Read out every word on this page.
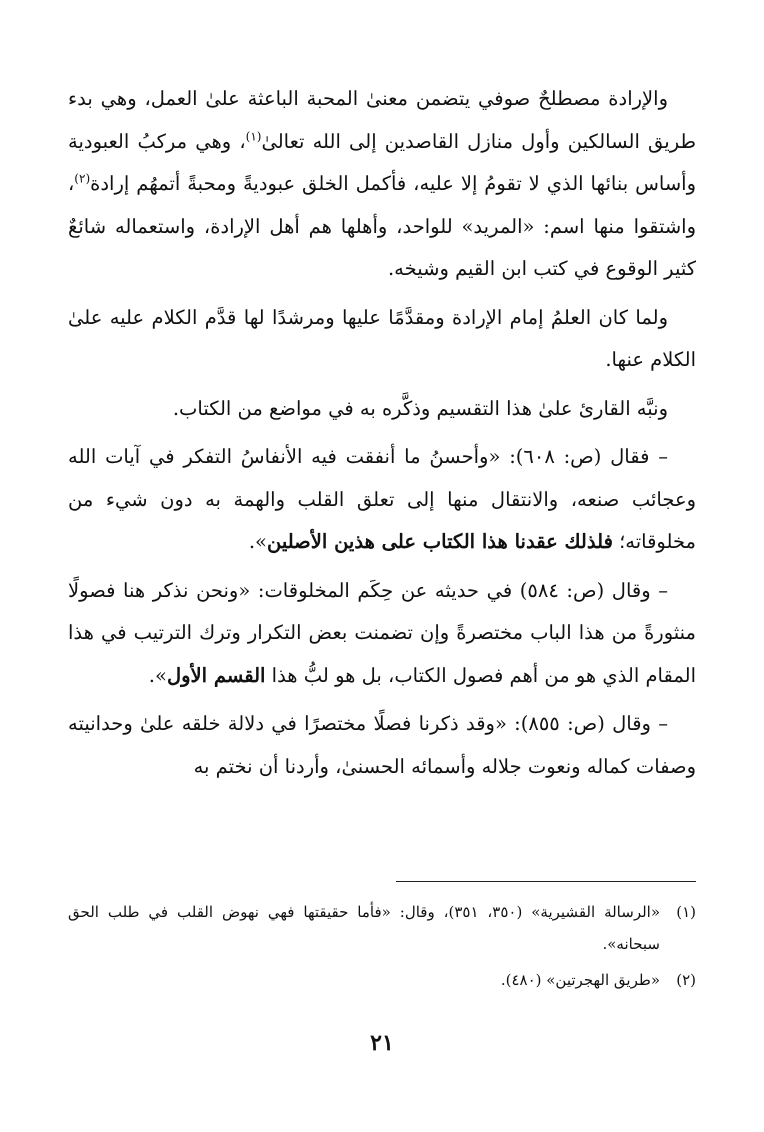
والإرادة مصطلحٌ صوفي يتضمن معنىٰ المحبة الباعثة علىٰ العمل، وهي بدء طريق السالكين وأول منازل القاصدين إلى الله تعالىٰ$^{(١)}$، وهي مركبُ العبودية وأساس بنائها الذي لا تقومُ إلا عليه، فأكمل الخلق عبوديةً ومحبةً أتمهُم إرادة$^{(٢)}$، واشتقوا منها اسم: «المريد» للواحد، وأهلها هم أهل الإرادة، واستعماله شائعٌ كثير الوقوع في كتب ابن القيم وشيخه.

ولما كان العلمُ إمام الإرادة ومقدَّمًا عليها ومرشدًا لها قدَّم الكلام عليه علىٰ الكلام عنها.

ونبَّه القارئ علىٰ هذا التقسيم وذكَّره به في مواضع من الكتاب.

– فقال (ص: ٦٠٨): «وأحسنُ ما أنفقت فيه الأنفاسُ التفكر في آيات الله وعجائب صنعه، والانتقال منها إلى تعلق القلب والهمة به دون شيء من مخلوقاته؛ فلذلك عقدنا هذا الكتاب على هذين الأصلين».

– وقال (ص: ٥٨٤) في حديثه عن حِكَم المخلوقات: «ونحن نذكر هنا فصولًا منثورةً من هذا الباب مختصرةً وإن تضمنت بعض التكرار وترك الترتيب في هذا المقام الذي هو من أهم فصول الكتاب، بل هو لبُّ هذا القسم الأول».

– وقال (ص: ٨٥٥): «وقد ذكرنا فصلًا مختصرًا في دلالة خلقه علىٰ وحدانيته وصفات كماله ونعوت جلاله وأسمائه الحسنىٰ، وأردنا أن نختم به

(١)«الرسالة القشيرية» (٣٥٠، ٣٥١)، وقال: «فأما حقيقتها فهي نهوض القلب في طلب الحق سبحانه».

(٢)«طريق الهجرتين» (٤٨٠).

٢١
